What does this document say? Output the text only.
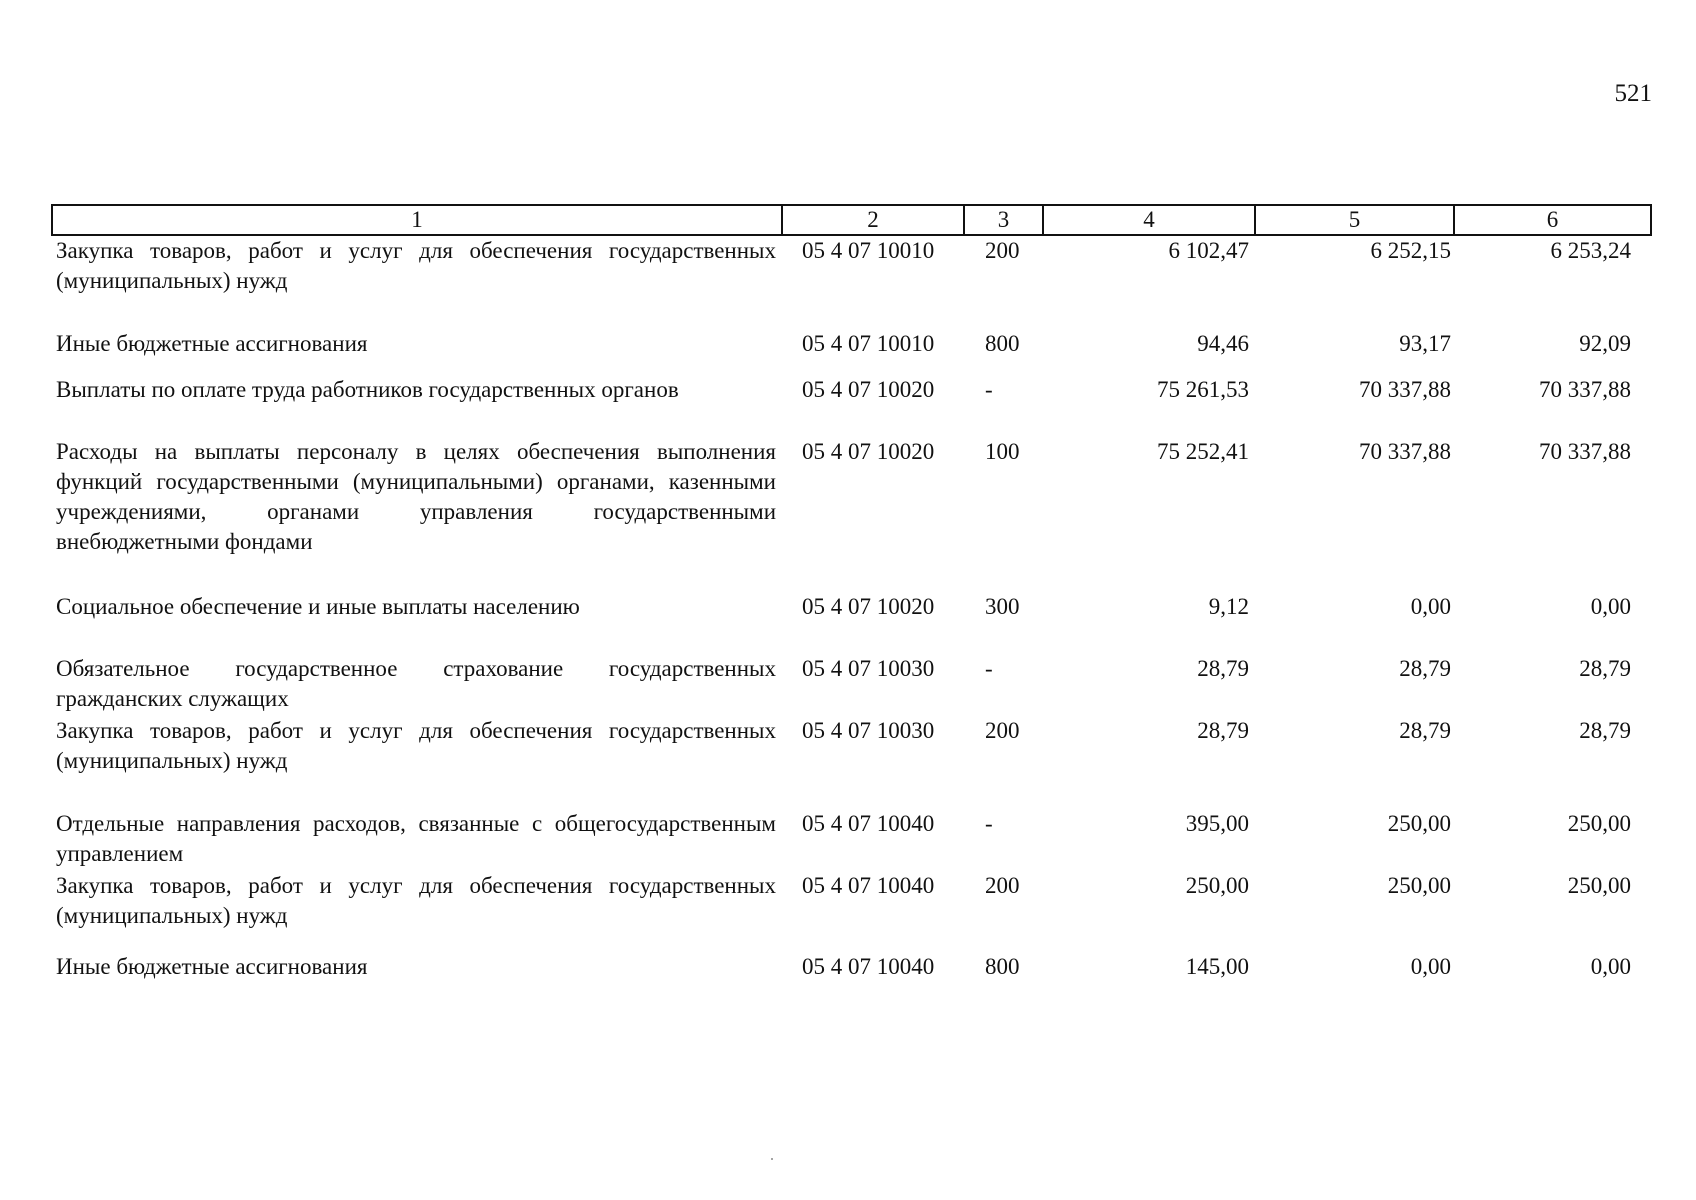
521
1	2	3	4	5	6
Закупка товаров, работ и услуг для обеспечения государственных (муниципальных) нужд	05 4 07 10010	200	6 102,47	6 252,15	6 253,24
Иные бюджетные ассигнования	05 4 07 10010	800	94,46	93,17	92,09
Выплаты по оплате труда работников государственных органов	05 4 07 10020	-	75 261,53	70 337,88	70 337,88
Расходы на выплаты персоналу в целях обеспечения выполнения функций государственными (муниципальными) органами, казенными учреждениями, органами управления государственными внебюджетными фондами	05 4 07 10020	100	75 252,41	70 337,88	70 337,88
Социальное обеспечение и иные выплаты населению	05 4 07 10020	300	9,12	0,00	0,00
Обязательное государственное страхование государственных гражданских служащих	05 4 07 10030	-	28,79	28,79	28,79
Закупка товаров, работ и услуг для обеспечения государственных (муниципальных) нужд	05 4 07 10030	200	28,79	28,79	28,79
Отдельные направления расходов, связанные с общегосударственным управлением	05 4 07 10040	-	395,00	250,00	250,00
Закупка товаров, работ и услуг для обеспечения государственных (муниципальных) нужд	05 4 07 10040	200	250,00	250,00	250,00
Иные бюджетные ассигнования	05 4 07 10040	800	145,00	0,00	0,00
